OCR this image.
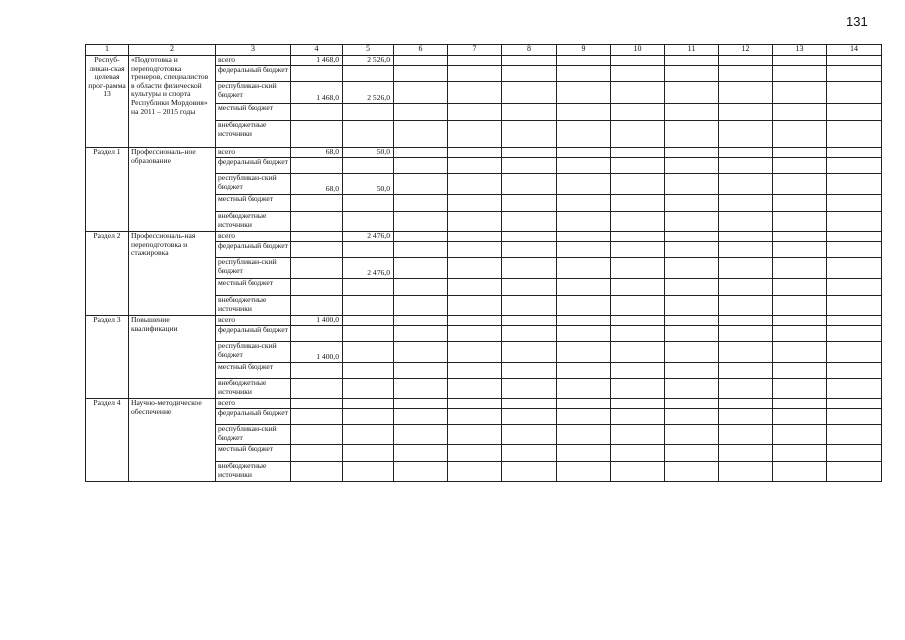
131
1	2	3	4	5	6	7	8	9	10	11	12	13	14
Респуб-ликан-ская целевая прог-рамма 13	«Подготовка и переподготовка тренеров, специалистов в области физической культуры и спорта Республики Мордовия» на 2011 – 2015 годы	всего	1 468,0	2 526,0									
		федеральный бюджет											
		республикан-ский бюджет	1 468,0	2 526,0									
		местный бюджет											
		внебюджетные источники											
Раздел 1	Профессиональ-ное образование	всего	68,0	50,0									
		федеральный бюджет											
		республикан-ский бюджет	68,0	50,0									
		местный бюджет											
		внебюджетные источники											
Раздел 2	Профессиональ-ная переподготовка и стажировка	всего		2 476,0									
		федеральный бюджет											
		республикан-ский бюджет		2 476,0									
		местный бюджет											
		внебюджетные источники											
Раздел 3	Повышение квалификации	всего	1 400,0										
		федеральный бюджет											
		республикан-ский бюджет	1 400,0										
		местный бюджет											
		внебюджетные источники											
Раздел 4	Научно-методическое обеспечение	всего											
		федеральный бюджет											
		республикан-ский бюджет											
		местный бюджет											
		внебюджетные источники											
